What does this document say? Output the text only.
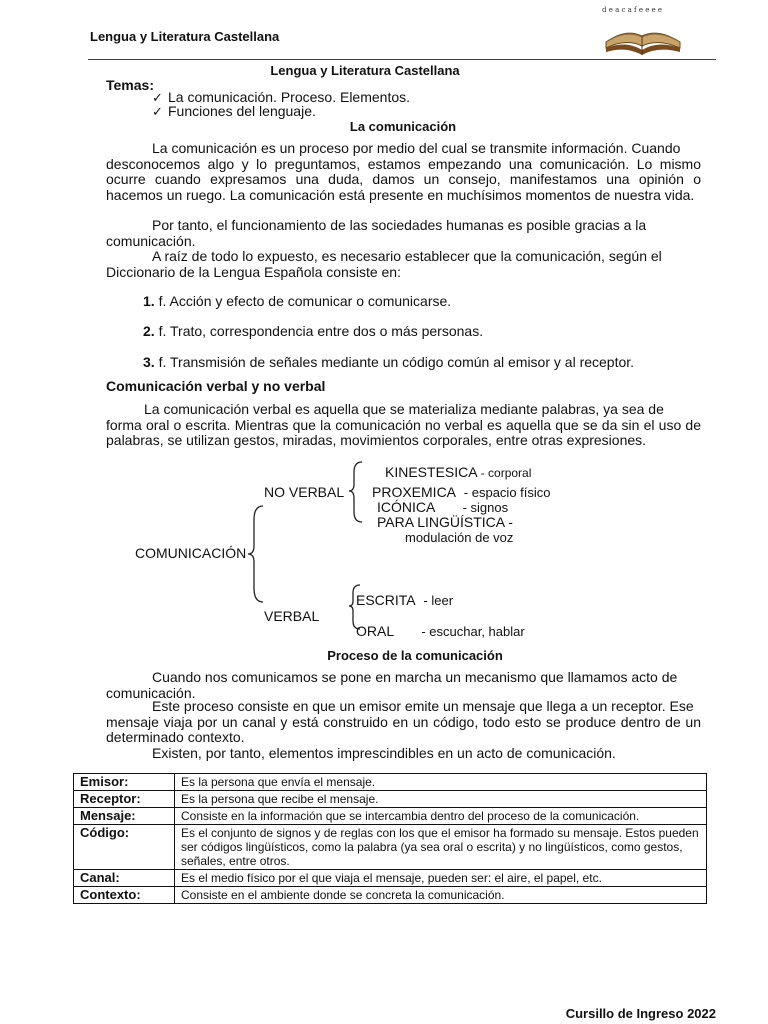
Lengua y Literatura Castellana
d e a c a f e e e e
Lengua y Literatura Castellana
Temas:
✓ La comunicación. Proceso. Elementos.
✓ Funciones del lenguaje.
La comunicación
La comunicación es un proceso por medio del cual se transmite información. Cuando
desconocemos algo y lo preguntamos, estamos empezando una comunicación. Lo mismo ocurre cuando expresamos una duda, damos un consejo, manifestamos una opinión o hacemos un ruego. La comunicación está presente en muchísimos momentos de nuestra vida.
Por tanto, el funcionamiento de las sociedades humanas es posible gracias a la
comunicación.
A raíz de todo lo expuesto, es necesario establecer que la comunicación, según el
Diccionario de la Lengua Española consiste en:
1. f. Acción y efecto de comunicar o comunicarse.
2. f. Trato, correspondencia entre dos o más personas.
3. f. Transmisión de señales mediante un código común al emisor y al receptor.
Comunicación verbal y no verbal
La comunicación verbal es aquella que se materializa mediante palabras, ya sea de
forma oral o escrita. Mientras que la comunicación no verbal es aquella que se da sin el uso de palabras, se utilizan gestos, miradas, movimientos corporales, entre otras expresiones.
COMUNICACIÓN
NO VERBAL
KINESTESICA - corporal
PROXEMICA - espacio físico
ICÓNICA - signos
PARA LINGÜÍSTICA -
modulación de voz
VERBAL
ESCRITA - leer
ORAL - escuchar, hablar
Proceso de la comunicación
Cuando nos comunicamos se pone en marcha un mecanismo que llamamos acto de
comunicación.
Este proceso consiste en que un emisor emite un mensaje que llega a un receptor. Ese
mensaje viaja por un canal y está construido en un código, todo esto se produce dentro de un determinado contexto.
Existen, por tanto, elementos imprescindibles en un acto de comunicación.
Emisor:	Es la persona que envía el mensaje.
Receptor:	Es la persona que recibe el mensaje.
Mensaje:	Consiste en la información que se intercambia dentro del proceso de la comunicación.
Código:	Es el conjunto de signos y de reglas con los que el emisor ha formado su mensaje. Estos pueden ser códigos lingüísticos, como la palabra (ya sea oral o escrita) y no lingüísticos, como gestos, señales, entre otros.
Canal:	Es el medio físico por el que viaja el mensaje, pueden ser: el aire, el papel, etc.
Contexto:	Consiste en el ambiente donde se concreta la comunicación.
Cursillo de Ingreso 2022
